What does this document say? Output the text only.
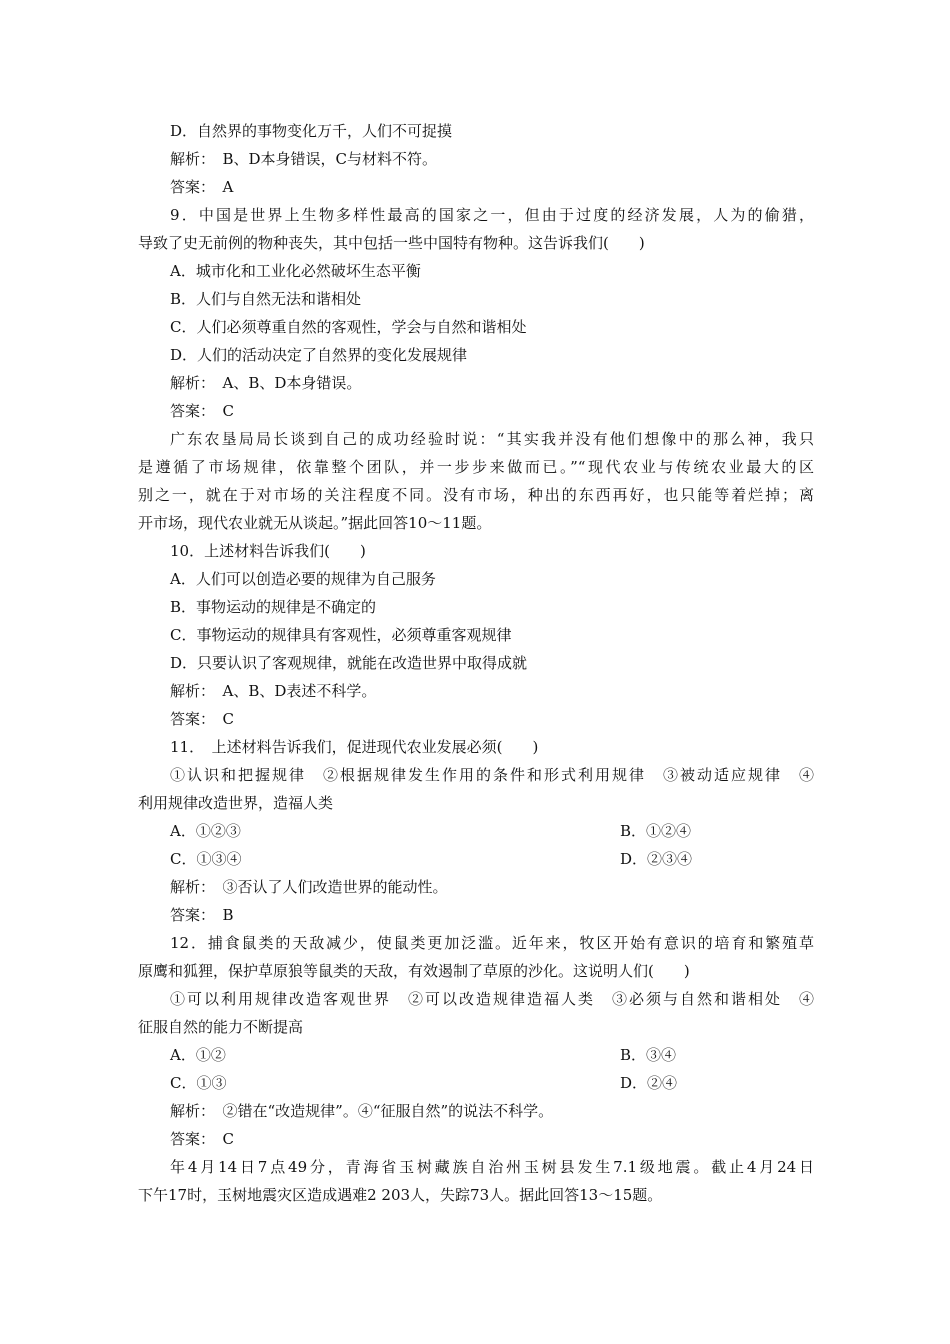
D．自然界的事物变化万千，人们不可捉摸
解析：　B、D本身错误，C与材料不符。
答案：　A
9．中国是世界上生物多样性最高的国家之一，但由于过度的经济发展，人为的偷猎，
导致了史无前例的物种丧失，其中包括一些中国特有物种。这告诉我们(　　)
A．城市化和工业化必然破坏生态平衡
B．人们与自然无法和谐相处
C．人们必须尊重自然的客观性，学会与自然和谐相处
D．人们的活动决定了自然界的变化发展规律
解析：　A、B、D本身错误。
答案：　C
广东农垦局局长谈到自己的成功经验时说：“其实我并没有他们想像中的那么神，我只
是遵循了市场规律，依靠整个团队，并一步步来做而已。”“现代农业与传统农业最大的区
别之一，就在于对市场的关注程度不同。没有市场，种出的东西再好，也只能等着烂掉；离
开市场，现代农业就无从谈起。”据此回答10～11题。
10．上述材料告诉我们(　　)
A．人们可以创造必要的规律为自己服务
B．事物运动的规律是不确定的
C．事物运动的规律具有客观性，必须尊重客观规律
D．只要认识了客观规律，就能在改造世界中取得成就
解析：　A、B、D表述不科学。
答案：　C
11．　上述材料告诉我们，促进现代农业发展必须(　　)
①认识和把握规律　②根据规律发生作用的条件和形式利用规律　③被动适应规律　④
利用规律改造世界，造福人类
A．①②③	B．①②④
C．①③④	D．②③④
解析：　③否认了人们改造世界的能动性。
答案：　B
12．捕食鼠类的天敌减少，使鼠类更加泛滥。近年来，牧区开始有意识的培育和繁殖草
原鹰和狐狸，保护草原狼等鼠类的天敌，有效遏制了草原的沙化。这说明人们(　　)
①可以利用规律改造客观世界　②可以改造规律造福人类　③必须与自然和谐相处　④
征服自然的能力不断提高
A．①②	B．③④
C．①③	D．②④
解析：　②错在“改造规律”。④“征服自然”的说法不科学。
答案：　C
年4月14日7点49分，青海省玉树藏族自治州玉树县发生7.1级地震。截止4月24日
下午17时，玉树地震灾区造成遇难2 203人，失踪73人。据此回答13～15题。
